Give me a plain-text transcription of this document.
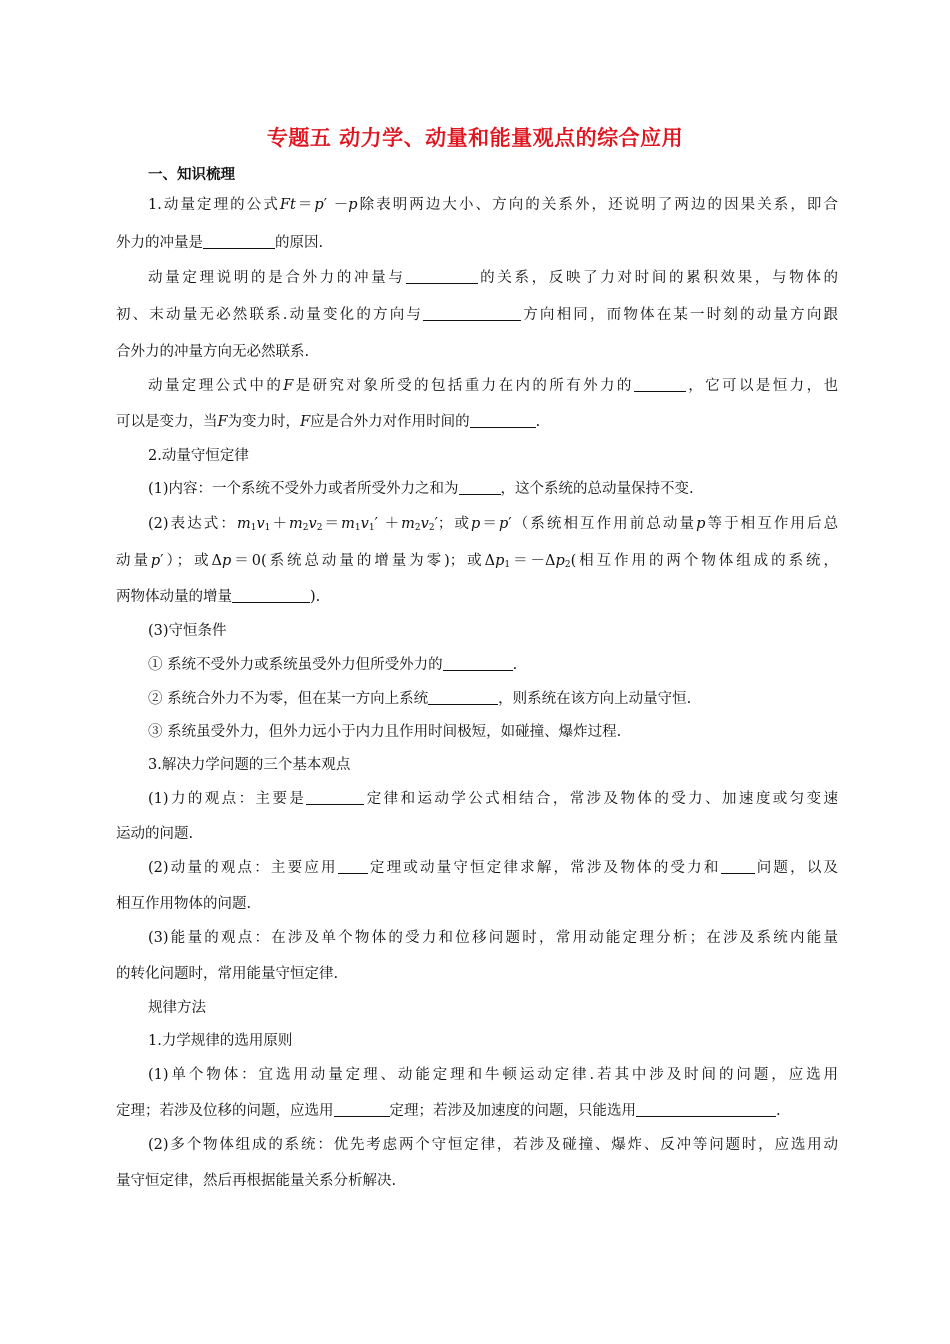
专题五 动力学、动量和能量观点的综合应用
一、知识梳理
1.动量定理的公式Ft＝p′ －p除表明两边大小、方向的关系外，还说明了两边的因果关系，即合
外力的冲量是	的原因.
动量定理说明的是合外力的冲量与	的关系，反映了力对时间的累积效果，与物体的
初、末动量无必然联系.动量变化的方向与	方向相同，而物体在某一时刻的动量方向跟
合外力的冲量方向无必然联系.
动量定理公式中的F是研究对象所受的包括重力在内的所有外力的	，它可以是恒力，也
可以是变力，当F为变力时，F应是合外力对作用时间的	.
2.动量守恒定律
(1)内容：一个系统不受外力或者所受外力之和为	，这个系统的总动量保持不变.
(2)表达式：$m_1v_1+m_2v_2=m_1v_1' +m_2v_2'$；或p＝p′（系统相互作用前总动量p等于相互作用后总
动量p′）；或Δp＝0(系统总动量的增量为零)；或$\Delta p_1=-\Delta p_2$(相互作用的两个物体组成的系统，
两物体动量的增量	).
(3)守恒条件
① 系统不受外力或系统虽受外力但所受外力的	.
② 系统合外力不为零，但在某一方向上系统	，则系统在该方向上动量守恒.
③ 系统虽受外力，但外力远小于内力且作用时间极短，如碰撞、爆炸过程.
3.解决力学问题的三个基本观点
(1)力的观点：主要是	定律和运动学公式相结合，常涉及物体的受力、加速度或匀变速
运动的问题.
(2)动量的观点：主要应用 定理或动量守恒定律求解，常涉及物体的受力和 问题，以及
相互作用物体的问题.
(3)能量的观点：在涉及单个物体的受力和位移问题时，常用动能定理分析；在涉及系统内能量
的转化问题时，常用能量守恒定律.
规律方法
1.力学规律的选用原则
(1)单个物体：宜选用动量定理、动能定理和牛顿运动定律.若其中涉及时间的问题，应选用
定理；若涉及位移的问题，应选用	定理；若涉及加速度的问题，只能选用	.
(2)多个物体组成的系统：优先考虑两个守恒定律，若涉及碰撞、爆炸、反冲等问题时，应选用动
量守恒定律，然后再根据能量关系分析解决.
